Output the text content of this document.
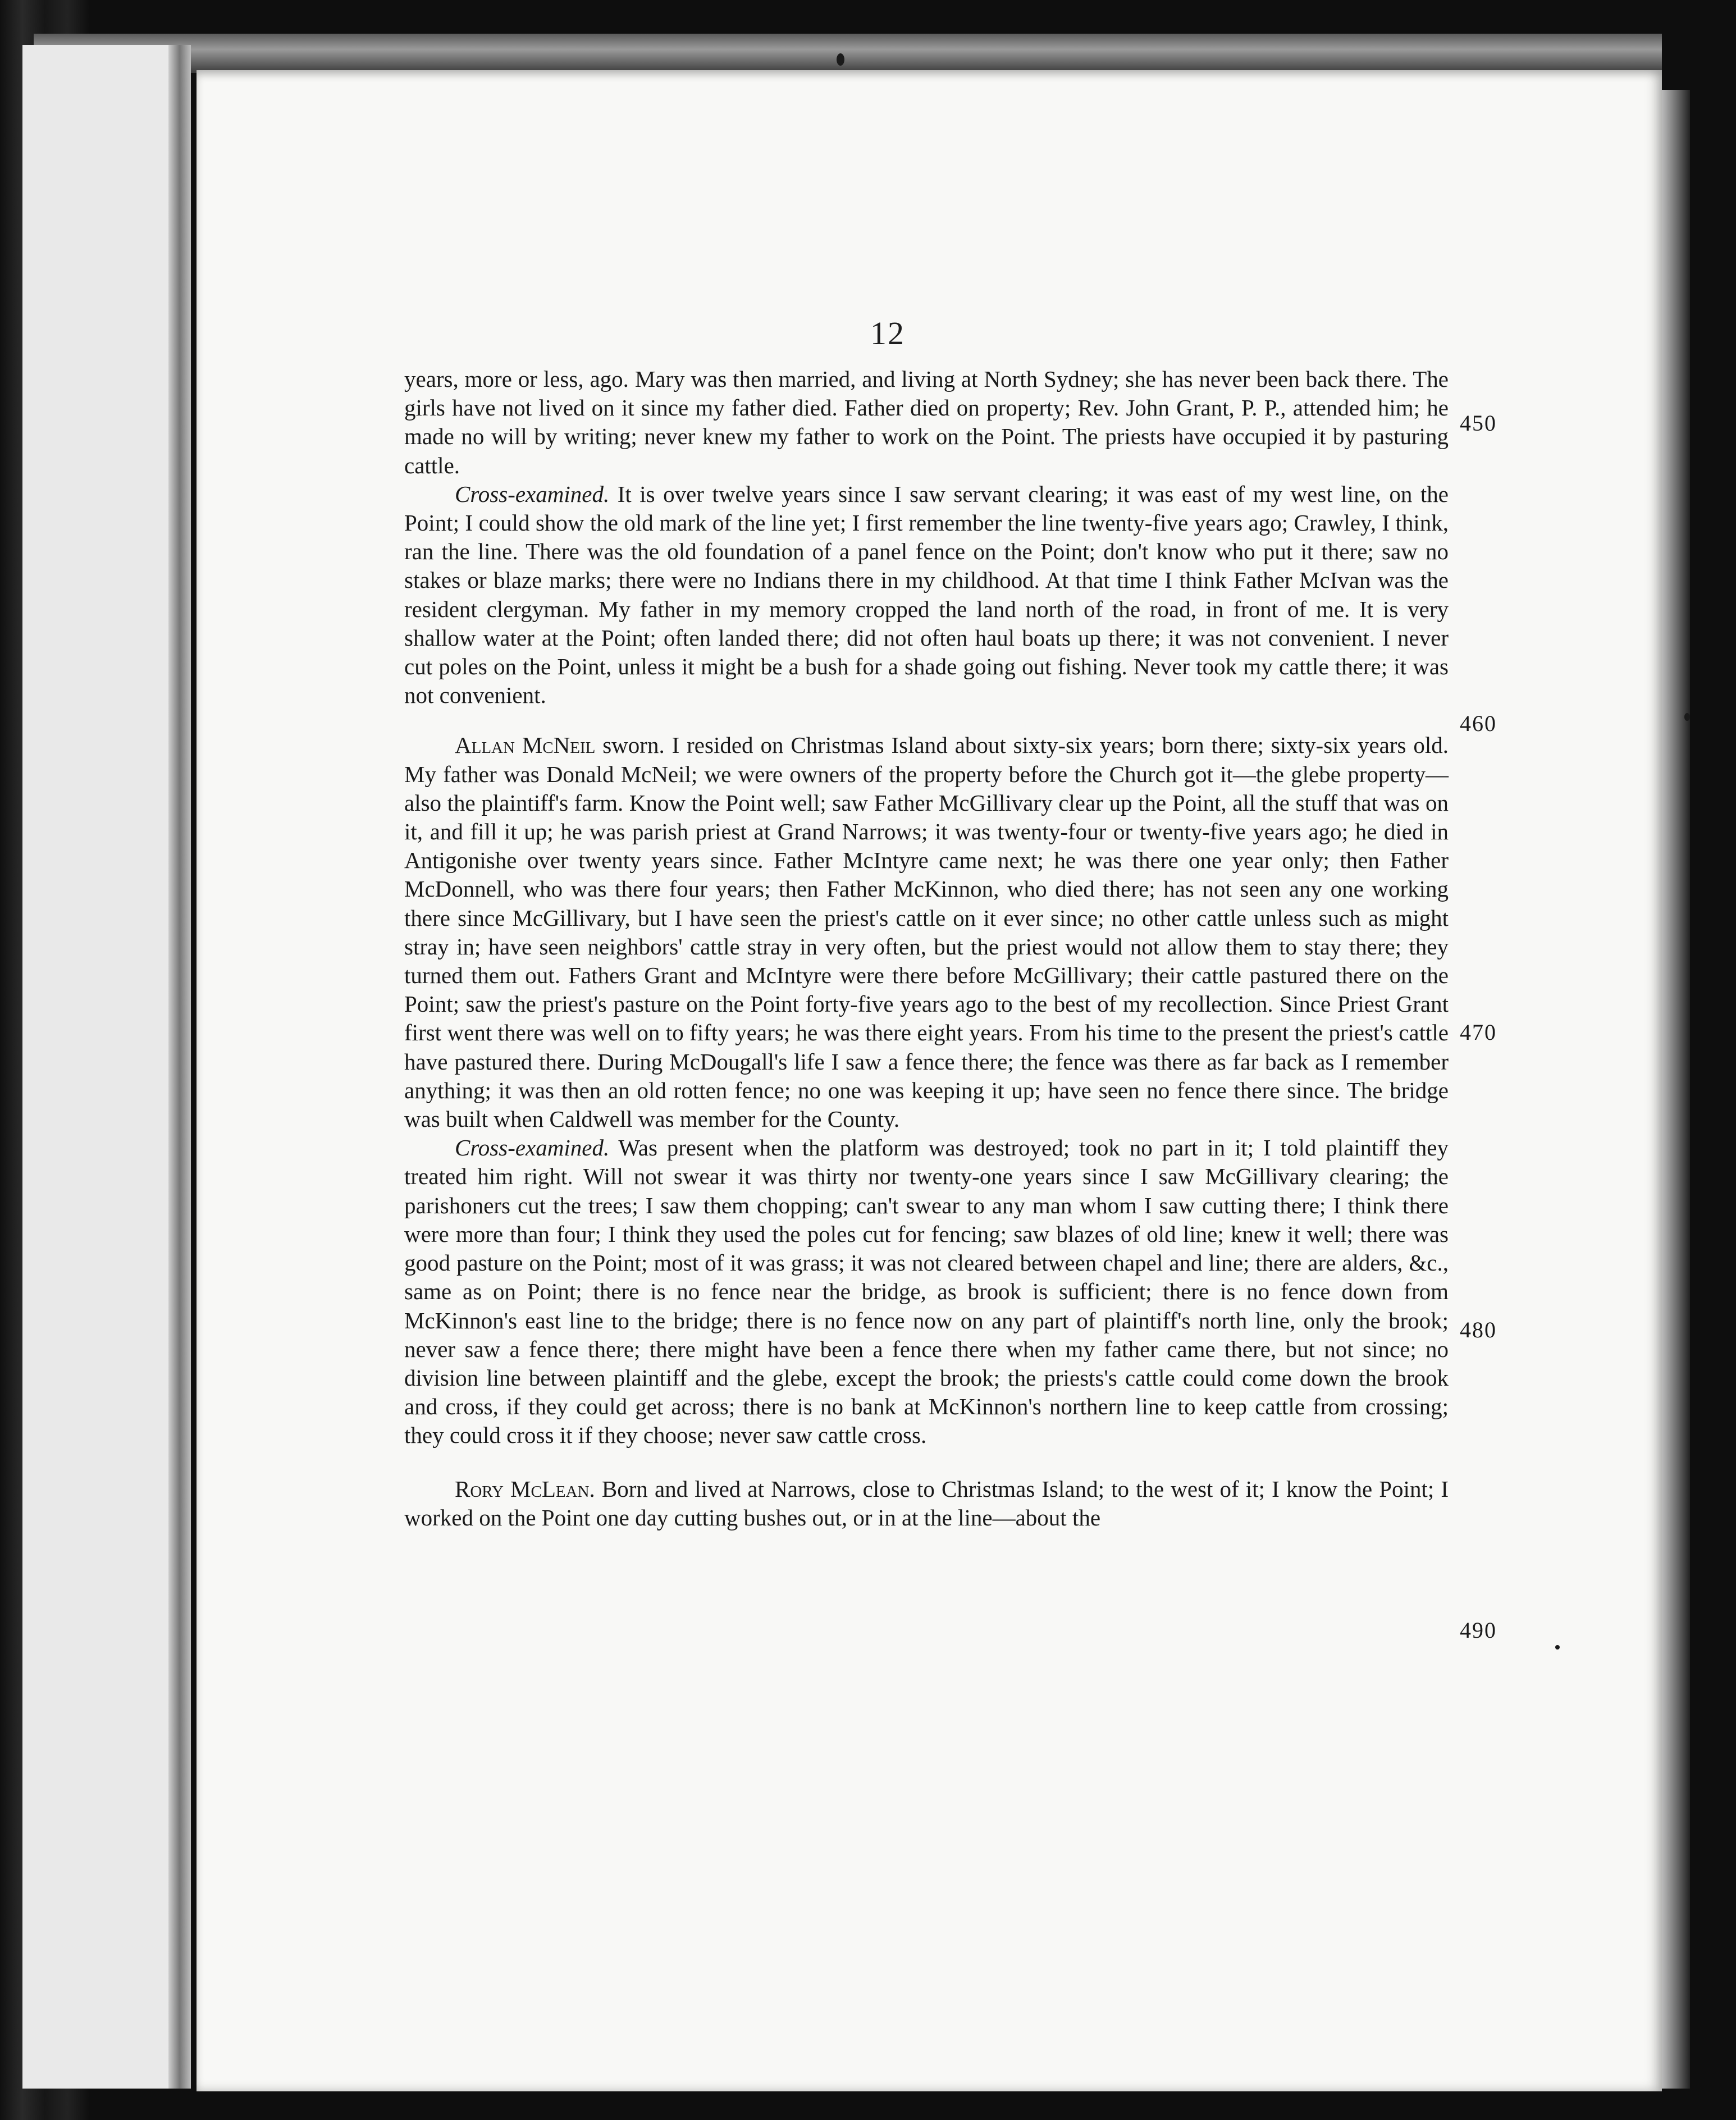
12

years, more or less, ago. Mary was then married, and living at North Sydney; she has never been back there. The girls have not lived on it since my father died. Father died on property; Rev. John Grant, P. P., attended him; he made no will by writing; never knew my father to work on the Point. The priests have occupied it by pasturing cattle.

Cross-examined. It is over twelve years since I saw servant clearing; it was east of my west line, on the Point; I could show the old mark of the line yet; I first remember the line twenty-five years ago; Crawley, I think, ran the line. There was the old foundation of a panel fence on the Point; don't know who put it there; saw no stakes or blaze marks; there were no Indians there in my childhood. At that time I think Father McIvan was the resident clergyman. My father in my memory cropped the land north of the road, in front of me. It is very shallow water at the Point; often landed there; did not often haul boats up there; it was not convenient. I never cut poles on the Point, unless it might be a bush for a shade going out fishing. Never took my cattle there; it was not convenient.

Allan McNeil sworn. I resided on Christmas Island about sixty-six years; born there; sixty-six years old. My father was Donald McNeil; we were owners of the property before the Church got it—the glebe property—also the plaintiff's farm. Know the Point well; saw Father McGillivary clear up the Point, all the stuff that was on it, and fill it up; he was parish priest at Grand Narrows; it was twenty-four or twenty-five years ago; he died in Antigonishe over twenty years since. Father McIntyre came next; he was there one year only; then Father McDonnell, who was there four years; then Father McKinnon, who died there; has not seen any one working there since McGillivary, but I have seen the priest's cattle on it ever since; no other cattle unless such as might stray in; have seen neighbors' cattle stray in very often, but the priest would not allow them to stay there; they turned them out. Fathers Grant and McIntyre were there before McGillivary; their cattle pastured there on the Point; saw the priest's pasture on the Point forty-five years ago to the best of my recollection. Since Priest Grant first went there was well on to fifty years; he was there eight years. From his time to the present the priest's cattle have pastured there. During McDougall's life I saw a fence there; the fence was there as far back as I remember anything; it was then an old rotten fence; no one was keeping it up; have seen no fence there since. The bridge was built when Caldwell was member for the County.

Cross-examined. Was present when the platform was destroyed; took no part in it; I told plaintiff they treated him right. Will not swear it was thirty nor twenty-one years since I saw McGillivary clearing; the parishoners cut the trees; I saw them chopping; can't swear to any man whom I saw cutting there; I think there were more than four; I think they used the poles cut for fencing; saw blazes of old line; knew it well; there was good pasture on the Point; most of it was grass; it was not cleared between chapel and line; there are alders, &c., same as on Point; there is no fence near the bridge, as brook is sufficient; there is no fence down from McKinnon's east line to the bridge; there is no fence now on any part of plaintiff's north line, only the brook; never saw a fence there; there might have been a fence there when my father came there, but not since; no division line between plaintiff and the glebe, except the brook; the priests's cattle could come down the brook and cross, if they could get across; there is no bank at McKinnon's northern line to keep cattle from crossing; they could cross it if they choose; never saw cattle cross.

Rory McLean. Born and lived at Narrows, close to Christmas Island; to the west of it; I know the Point; I worked on the Point one day cutting bushes out, or in at the line—about the

450
460
470
480
490
